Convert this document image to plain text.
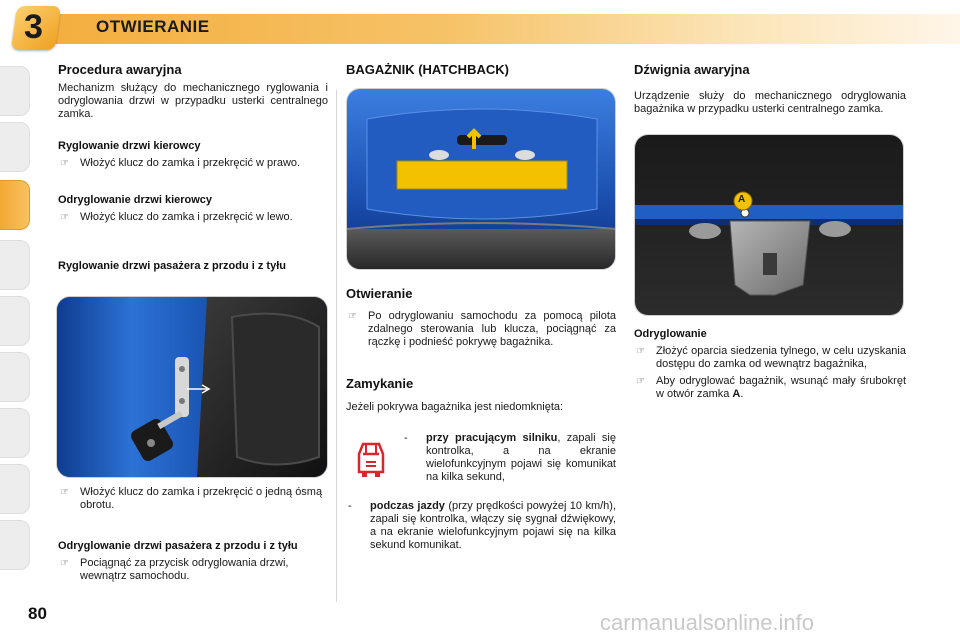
3	OTWIERANIE
Procedura awaryjna
Mechanizm służący do mechanicznego ryglowania i odryglowania drzwi w przypadku usterki centralnego zamka.
Ryglowanie drzwi kierowcy
☞ Włożyć klucz do zamka i przekręcić w prawo.
Odryglowanie drzwi kierowcy
☞ Włożyć klucz do zamka i przekręcić w lewo.
Ryglowanie drzwi pasażera z przodu i z tyłu
☞ Włożyć klucz do zamka i przekręcić o jedną ósmą obrotu.
Odryglowanie drzwi pasażera z przodu i z tyłu
☞ Pociągnąć za przycisk odryglowania drzwi, wewnątrz samochodu.
BAGAŻNIK (HATCHBACK)
Otwieranie
☞ Po odryglowaniu samochodu za pomocą pilota zdalnego sterowania lub klucza, pociągnąć za rączkę i podnieść pokrywę bagażnika.
Zamykanie
Jeżeli pokrywa bagażnika jest niedomknięta:
- przy pracującym silniku, zapali się kontrolka, a na ekranie wielofunkcyjnym pojawi się komunikat na kilka sekund,
- podczas jazdy (przy prędkości powyżej 10 km/h), zapali się kontrolka, włączy się sygnał dźwiękowy, a na ekranie wielofunkcyjnym pojawi się na kilka sekund komunikat.
Dźwignia awaryjna
Urządzenie służy do mechanicznego odryglowania bagażnika w przypadku usterki centralnego zamka.
A
Odryglowanie
☞ Złożyć oparcia siedzenia tylnego, w celu uzyskania dostępu do zamka od wewnątrz bagażnika,
☞ Aby odryglować bagażnik, wsunąć mały śrubokręt w otwór zamka A.
80	carmanualsonline.info
